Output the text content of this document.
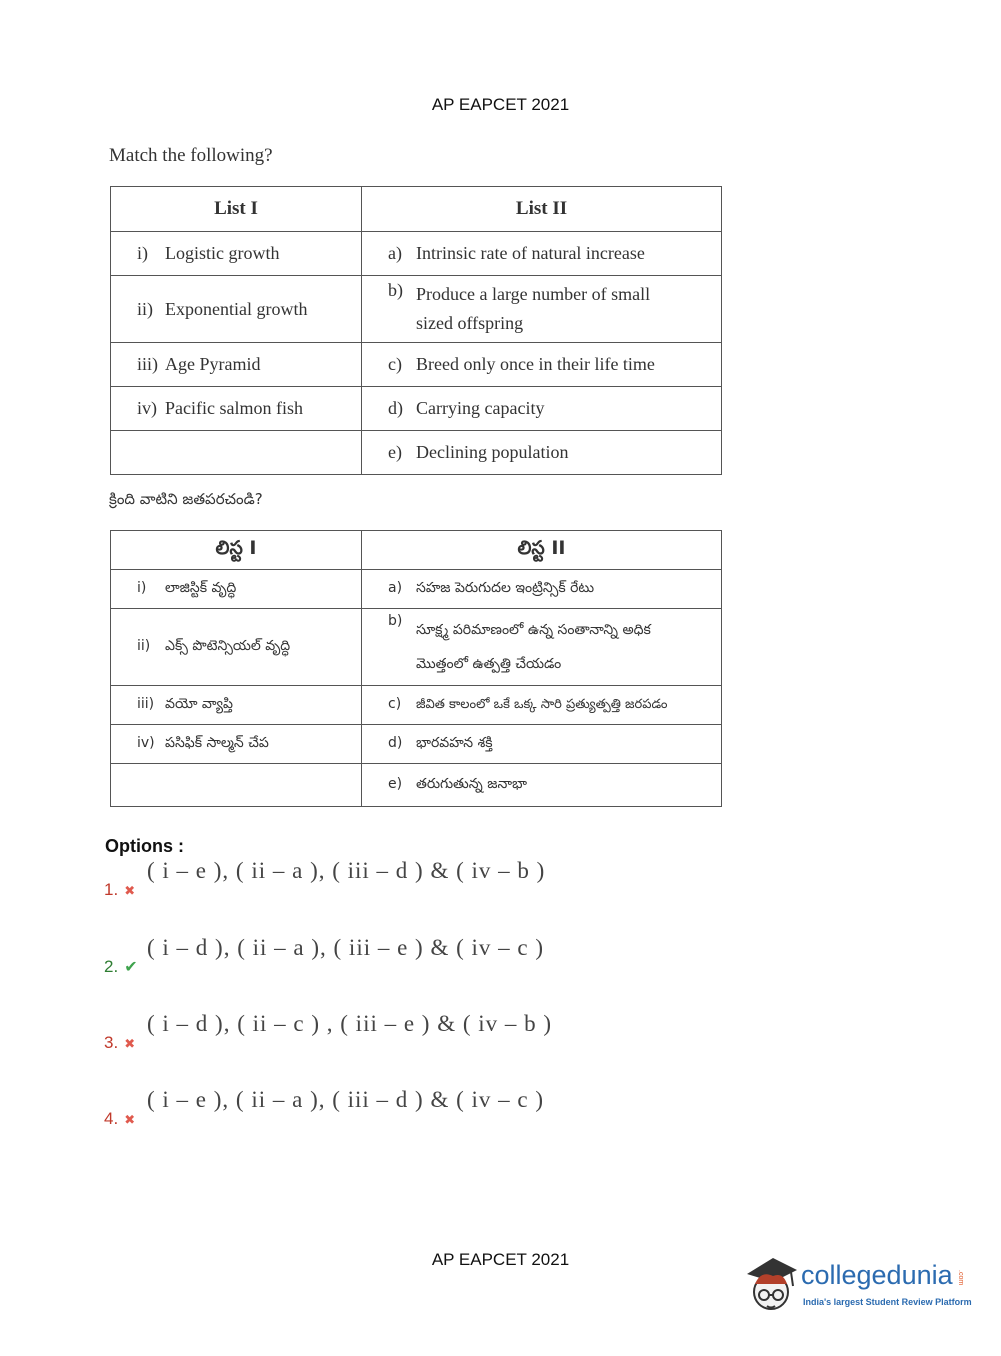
AP EAPCET 2021
Match the following?
List I	List II
i) Logistic growth	a) Intrinsic rate of natural increase
ii) Exponential growth	b) Produce a large number of small sized offspring

iii) Age Pyramid	c) Breed only once in their life time
iv) Pacific salmon fish	d) Carrying capacity
	e) Declining population
క్రింది వాటిని జతపరచండి?
లిస్ట I	లిస్ట II
i) లాజిస్టిక్ వృద్ధి	a) సహజ పెరుగుదల ఇంట్రిన్సిక్ రేటు
ii) ఎక్స్ పొటెన్సియల్ వృద్ధి	b)
సూక్ష్మ పరిమాణంలో ఉన్న సంతానాన్ని అధిక మొత్తంలో ఉత్పత్తి చేయడం

iii) వయో వ్యాప్తి	c) జీవిత కాలంలో ఒకే ఒక్క సారి ప్రత్యుత్పత్తి జరపడం
iv) పసిఫిక్ సాల్మన్ చేప	d) భారవహన శక్తి
	e) తరుగుతున్న జనాభా
Options :
1. ✖
( i – e ), ( ii – a ), ( iii – d ) & ( iv – b )
2. ✔
( i – d ), ( ii – a ), ( iii – e ) & ( iv – c )
3. ✖
( i – d ), ( ii – c ) , ( iii – e ) & ( iv – b )
4. ✖
( i – e ), ( ii – a ), ( iii – d ) & ( iv – c )
AP EAPCET 2021
collegedunia .com
India's largest Student Review Platform
